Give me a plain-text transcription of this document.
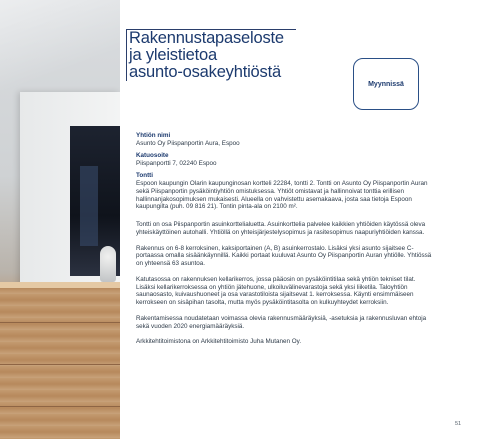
Rakennustapaseloste
ja yleistietoa
asunto-osakeyhtiöstä
Myynnissä

Yhtiön nimi

Asunto Oy Piispanportin Aura, Espoo

Katuosoite

Piispanportti 7, 02240 Espoo

Tontti

Espoon kaupungin Olarin kaupunginosan kortteli 22284, tontti 2. Tontti on Asunto Oy Piispanportin Auran sekä Piispanportin pysäköintiyhtiön omistuksessa. Yhtiöt omistavat ja hallinnoivat tonttia erillisen hallinnanjakosopimuksen mukaisesti. Alueella on vahvistettu asemakaava, josta saa tietoja Espoon kaupungilta (puh. 09 816 21). Tontin pinta-ala on 2100 m².

Tontti on osa Piispanportin asuinkorttelialuetta. Asuinkorttelia palvelee kaikkien yhtiöiden käytössä oleva yhteiskäyttöinen autohalli. Yhtiöllä on yhteisjärjestelysopimus ja rasitesopimus naapuriyhtiöiden kanssa.

Rakennus on 6-8 kerroksinen, kaksiportainen (A, B) asuinkerrostalo. Lisäksi yksi asunto sijaitsee C-portaassa omalla sisäänkäynnillä. Kaikki portaat kuuluvat Asunto Oy Piispanportin Auran yhtiölle. Yhtiössä on yhteensä 63 asuntoa.

Katutasossa on rakennuksen kellarikerros, jossa pääosin on pysäköintitilaa sekä yhtiön tekniset tilat. Lisäksi kellarikerroksessa on yhtiön jätehuone, ulkoiluvälinevarastoja sekä yksi liiketila. Taloyhtiön saunaosasto, kuivaushuoneet ja osa varastotiloista sijaitsevat 1. kerroksessa. Käynti ensimmäiseen kerrokseen on sisäpihan tasolta, mutta myös pysäköintitasolta on kulkuyhteydet kerroksiin.

Rakentamisessa noudatetaan voimassa olevia rakennusmääräyksiä, -asetuksia ja rakennusluvan ehtoja sekä vuoden 2020 energiamääräyksiä.

Arkkitehtitoimistona on Arkkitehtitoimisto Juha Mutanen Oy.

51
